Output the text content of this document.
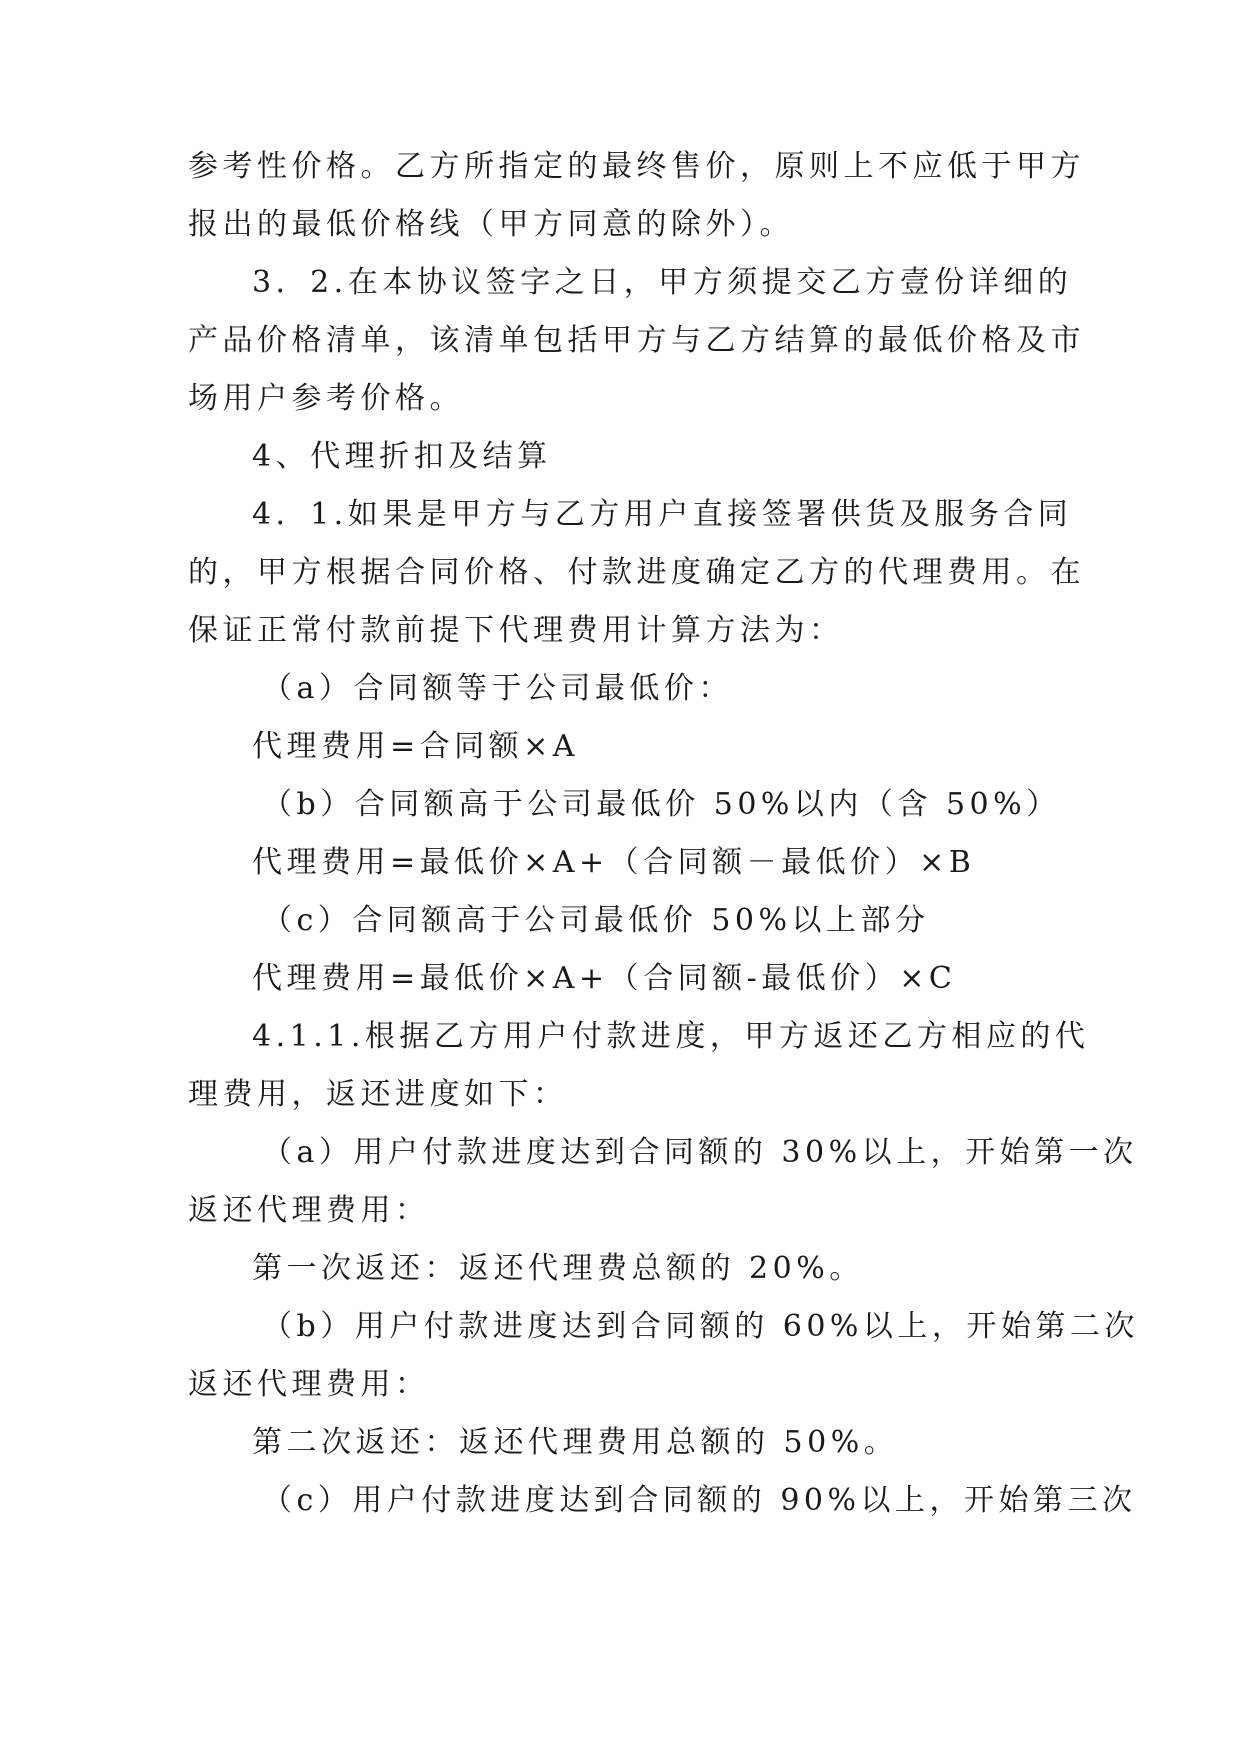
参考性价格。乙方所指定的最终售价，原则上不应低于甲方
报出的最低价格线（甲方同意的除外）。
3．2.在本协议签字之日，甲方须提交乙方壹份详细的
产品价格清单，该清单包括甲方与乙方结算的最低价格及市
场用户参考价格。
4、代理折扣及结算
4．1.如果是甲方与乙方用户直接签署供货及服务合同
的，甲方根据合同价格、付款进度确定乙方的代理费用。在
保证正常付款前提下代理费用计算方法为：
（a）合同额等于公司最低价：
代理费用=合同额×A
（b）合同额高于公司最低价 50%以内（含 50%）
代理费用=最低价×A+（合同额－最低价）×B
（c）合同额高于公司最低价 50%以上部分
代理费用=最低价×A+（合同额-最低价）×C
4.1.1.根据乙方用户付款进度，甲方返还乙方相应的代
理费用，返还进度如下：
（a）用户付款进度达到合同额的 30%以上，开始第一次
返还代理费用：
第一次返还：返还代理费总额的 20%。
（b）用户付款进度达到合同额的 60%以上，开始第二次
返还代理费用：
第二次返还：返还代理费用总额的 50%。
（c）用户付款进度达到合同额的 90%以上，开始第三次
